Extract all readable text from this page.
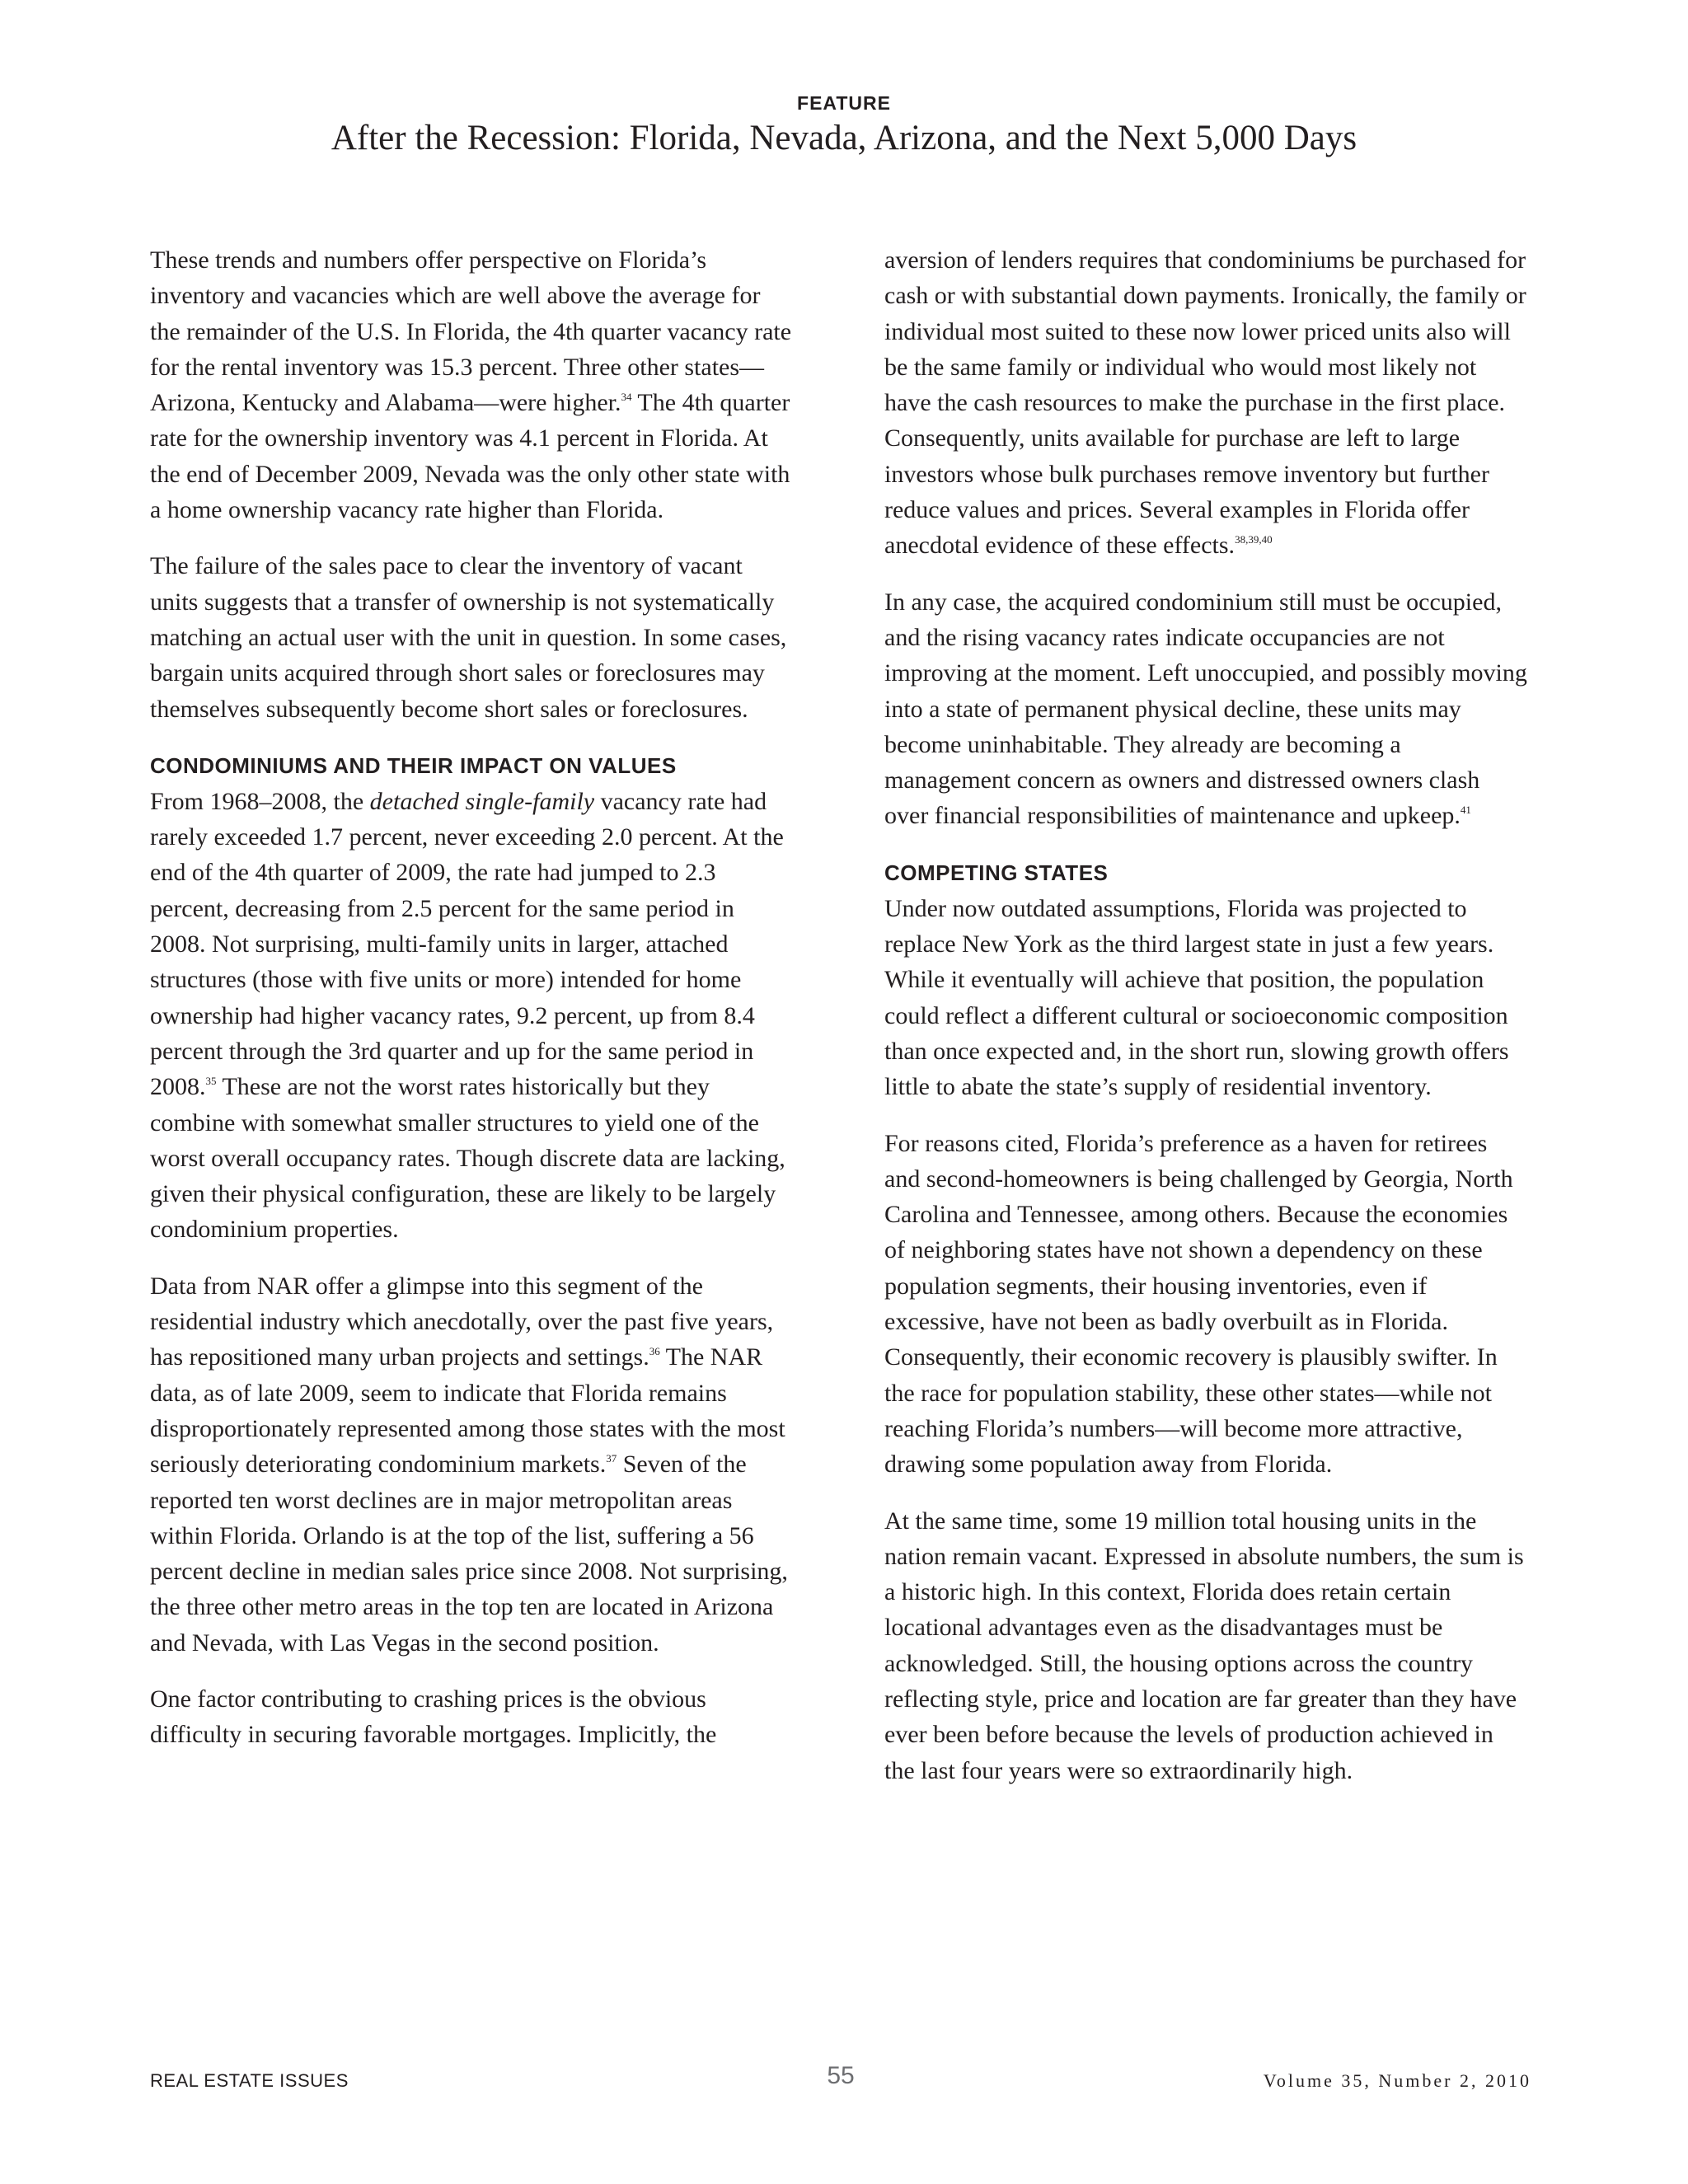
FEATURE
After the Recession: Florida, Nevada, Arizona, and the Next 5,000 Days

These trends and numbers offer perspective on Florida’s inventory and vacancies which are well above the average for the remainder of the U.S. In Florida, the 4th quarter vacancy rate for the rental inventory was 15.3 percent. Three other states—Arizona, Kentucky and Alabama—were higher.$^{34}$ The 4th quarter rate for the ownership inventory was 4.1 percent in Florida. At the end of December 2009, Nevada was the only other state with a home ownership vacancy rate higher than Florida.

The failure of the sales pace to clear the inventory of vacant units suggests that a transfer of ownership is not systematically matching an actual user with the unit in question. In some cases, bargain units acquired through short sales or foreclosures may themselves subsequently become short sales or foreclosures.

CONDOMINIUMS AND THEIR IMPACT ON VALUES

From 1968–2008, the detached single-family vacancy rate had rarely exceeded 1.7 percent, never exceeding 2.0 percent. At the end of the 4th quarter of 2009, the rate had jumped to 2.3 percent, decreasing from 2.5 percent for the same period in 2008. Not surprising, multi-family units in larger, attached structures (those with five units or more) intended for home ownership had higher vacancy rates, 9.2 percent, up from 8.4 percent through the 3rd quarter and up for the same period in 2008.35 These are not the worst rates historically but they combine with somewhat smaller structures to yield one of the worst overall occupancy rates. Though discrete data are lacking, given their physical configuration, these are likely to be largely condominium properties.

Data from NAR offer a glimpse into this segment of the residential industry which anecdotally, over the past five years, has repositioned many urban projects and settings.$^{36}$ The NAR data, as of late 2009, seem to indicate that Florida remains disproportionately represented among those states with the most seriously deteriorating condominium markets.$^{37}$ Seven of the reported ten worst declines are in major metropolitan areas within Florida. Orlando is at the top of the list, suffering a 56 percent decline in median sales price since 2008. Not surprising, the three other metro areas in the top ten are located in Arizona and Nevada, with Las Vegas in the second position.

One factor contributing to crashing prices is the obvious difficulty in securing favorable mortgages. Implicitly, the

aversion of lenders requires that condominiums be purchased for cash or with substantial down payments. Ironically, the family or individual most suited to these now lower priced units also will be the same family or individual who would most likely not have the cash resources to make the purchase in the first place. Consequently, units available for purchase are left to large investors whose bulk purchases remove inventory but further reduce values and prices. Several examples in Florida offer anecdotal evidence of these effects.$^{38,39,40}$

In any case, the acquired condominium still must be occupied, and the rising vacancy rates indicate occupancies are not improving at the moment. Left unoccupied, and possibly moving into a state of permanent physical decline, these units may become uninhabitable. They already are becoming a management concern as owners and distressed owners clash over financial responsibilities of maintenance and upkeep.$^{41}$

COMPETING STATES

Under now outdated assumptions, Florida was projected to replace New York as the third largest state in just a few years. While it eventually will achieve that position, the population could reflect a different cultural or socioeconomic composition than once expected and, in the short run, slowing growth offers little to abate the state’s supply of residential inventory.

For reasons cited, Florida’s preference as a haven for retirees and second-homeowners is being challenged by Georgia, North Carolina and Tennessee, among others. Because the economies of neighboring states have not shown a dependency on these population segments, their housing inventories, even if excessive, have not been as badly overbuilt as in Florida. Consequently, their economic recovery is plausibly swifter. In the race for population stability, these other states—while not reaching Florida’s numbers—will become more attractive, drawing some population away from Florida.

At the same time, some 19 million total housing units in the nation remain vacant. Expressed in absolute numbers, the sum is a historic high. In this context, Florida does retain certain locational advantages even as the disadvantages must be acknowledged. Still, the housing options across the country reflecting style, price and location are far greater than they have ever been before because the levels of production achieved in the last four years were so extraordinarily high.

REAL ESTATE ISSUES	55	Volume 35, Number 2, 2010
